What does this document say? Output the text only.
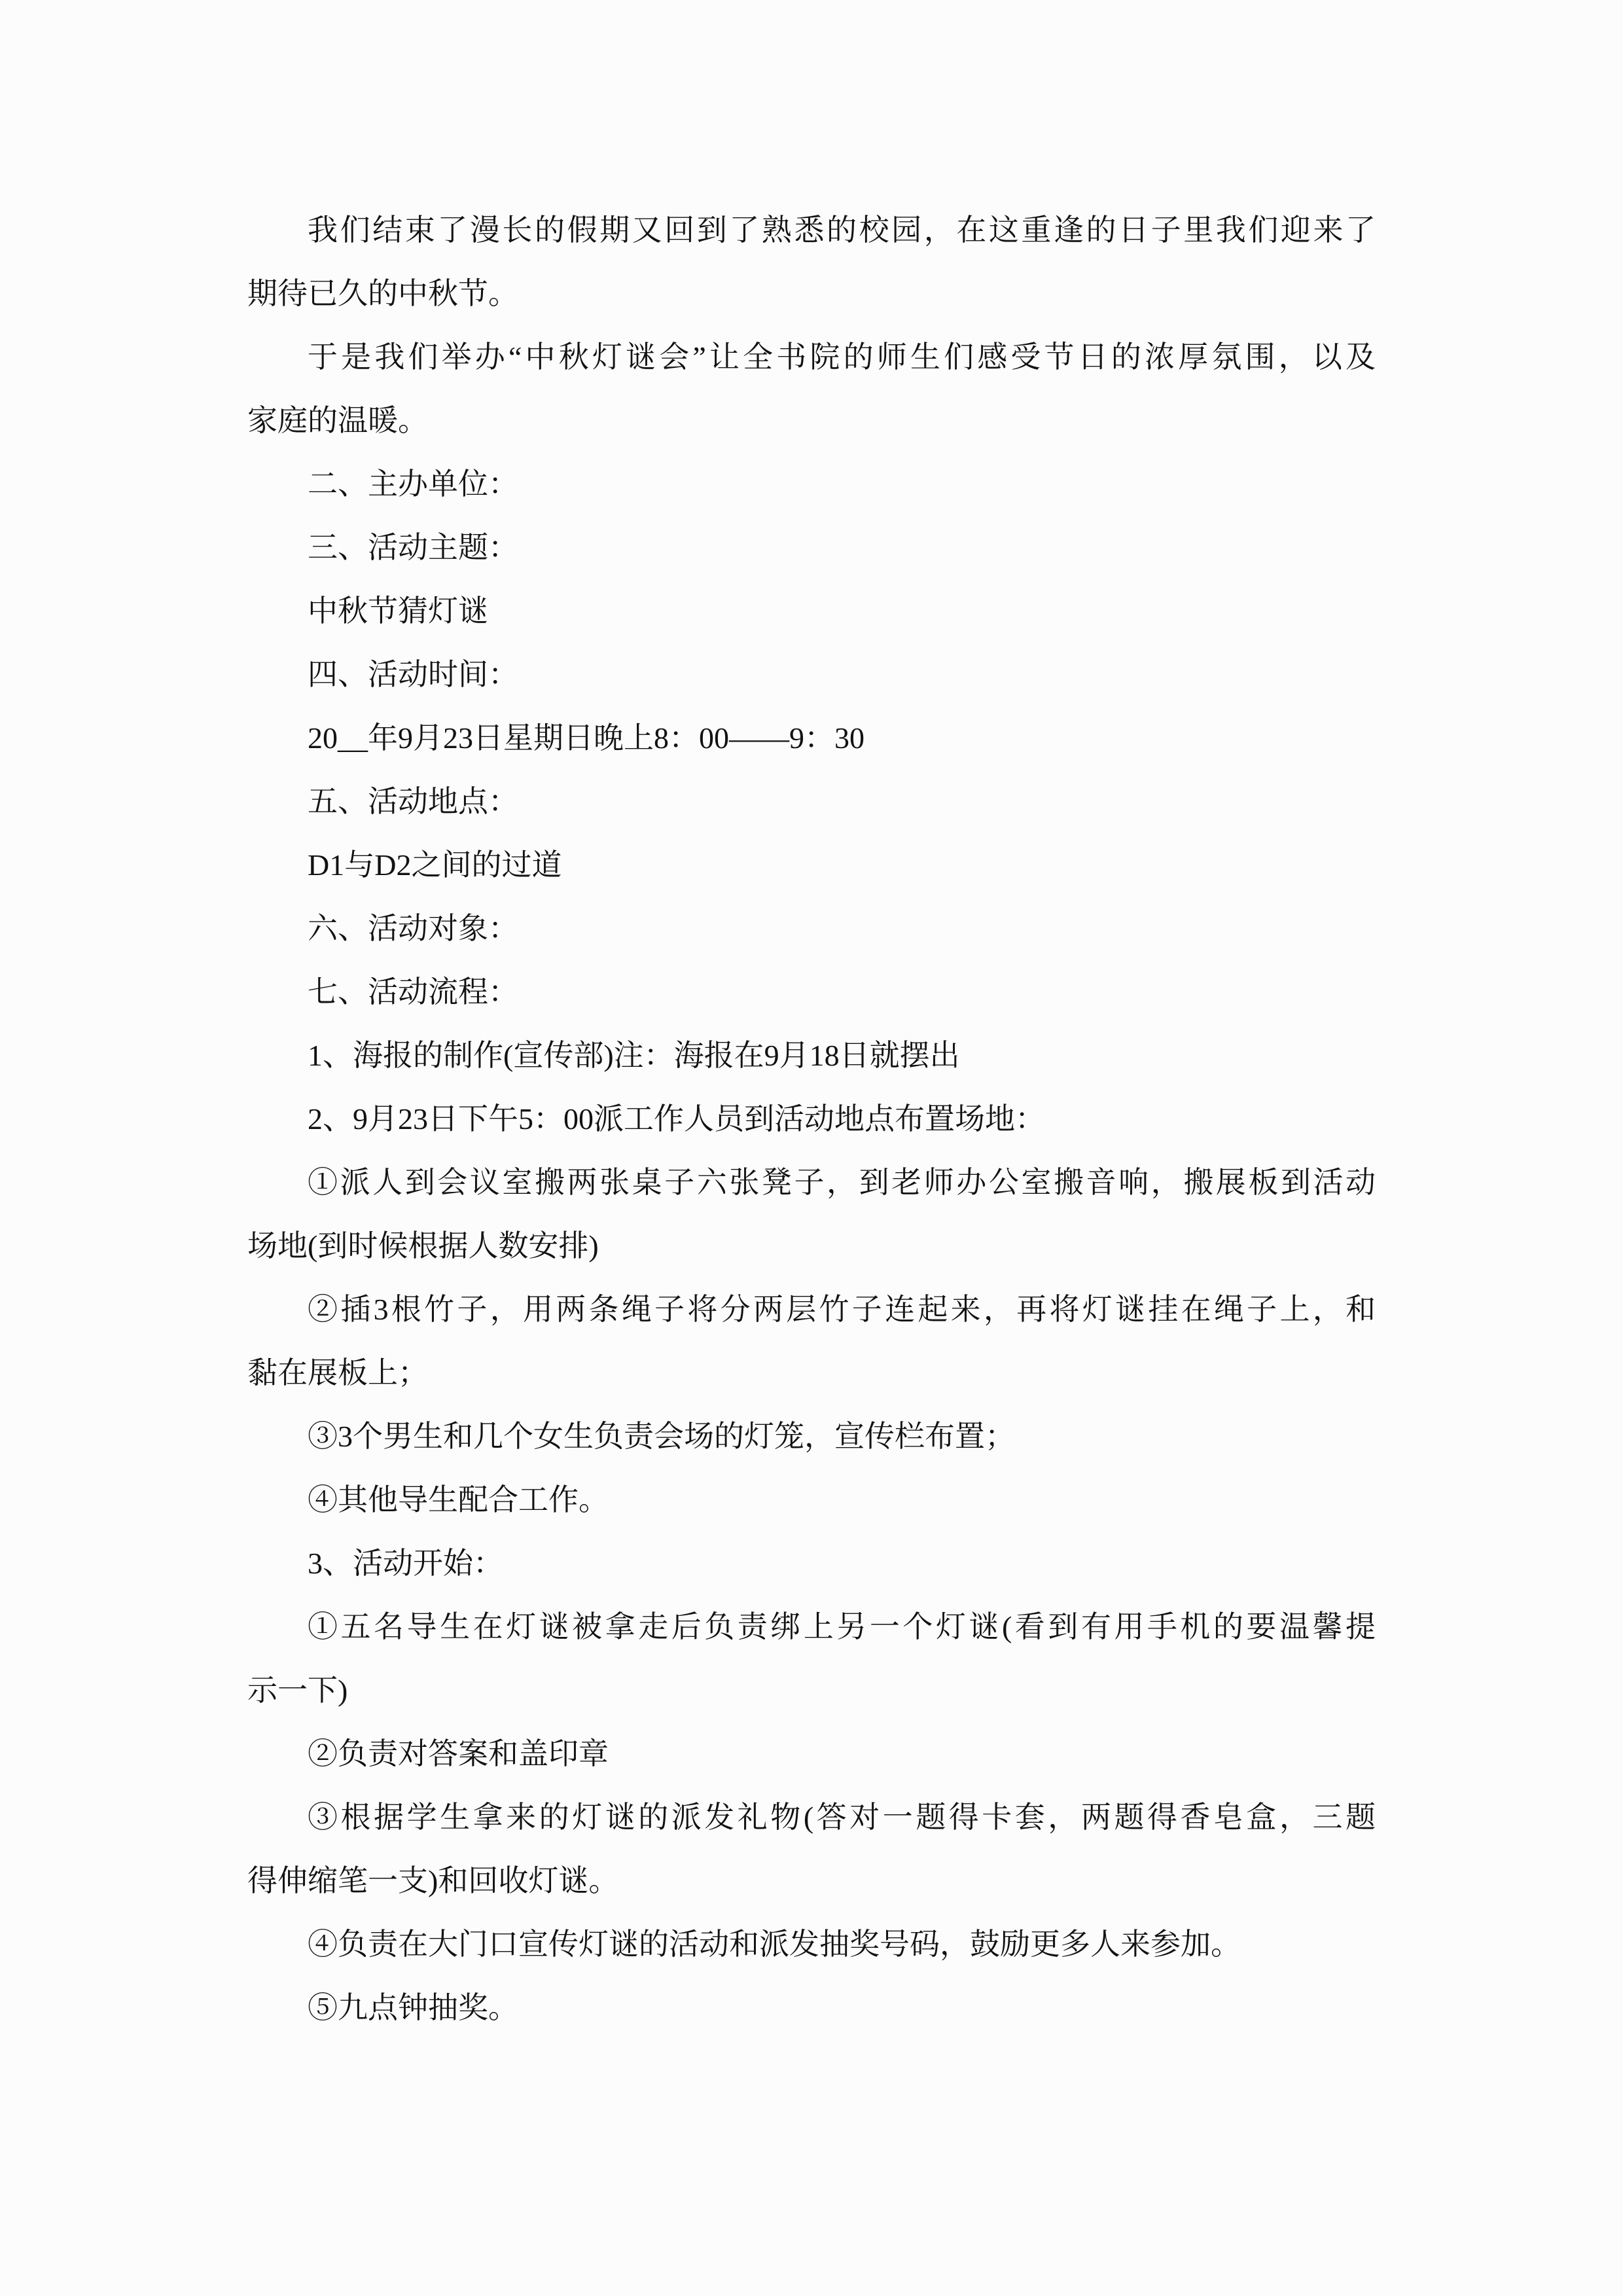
我们结束了漫长的假期又回到了熟悉的校园，在这重逢的日子里我们迎来了
期待已久的中秋节。
于是我们举办“中秋灯谜会”让全书院的师生们感受节日的浓厚氛围，以及
家庭的温暖。
二、主办单位：
三、活动主题：
中秋节猜灯谜
四、活动时间：
20__年9月23日星期日晚上8：00——9：30
五、活动地点：
D1与D2之间的过道
六、活动对象：
七、活动流程：
1、海报的制作(宣传部)注：海报在9月18日就摆出
2、9月23日下午5：00派工作人员到活动地点布置场地：
①派人到会议室搬两张桌子六张凳子，到老师办公室搬音响，搬展板到活动
场地(到时候根据人数安排)
②插3根竹子，用两条绳子将分两层竹子连起来，再将灯谜挂在绳子上，和
黏在展板上；
③3个男生和几个女生负责会场的灯笼，宣传栏布置；
④其他导生配合工作。
3、活动开始：
①五名导生在灯谜被拿走后负责绑上另一个灯谜(看到有用手机的要温馨提
示一下)
②负责对答案和盖印章
③根据学生拿来的灯谜的派发礼物(答对一题得卡套，两题得香皂盒，三题
得伸缩笔一支)和回收灯谜。
④负责在大门口宣传灯谜的活动和派发抽奖号码，鼓励更多人来参加。
⑤九点钟抽奖。
